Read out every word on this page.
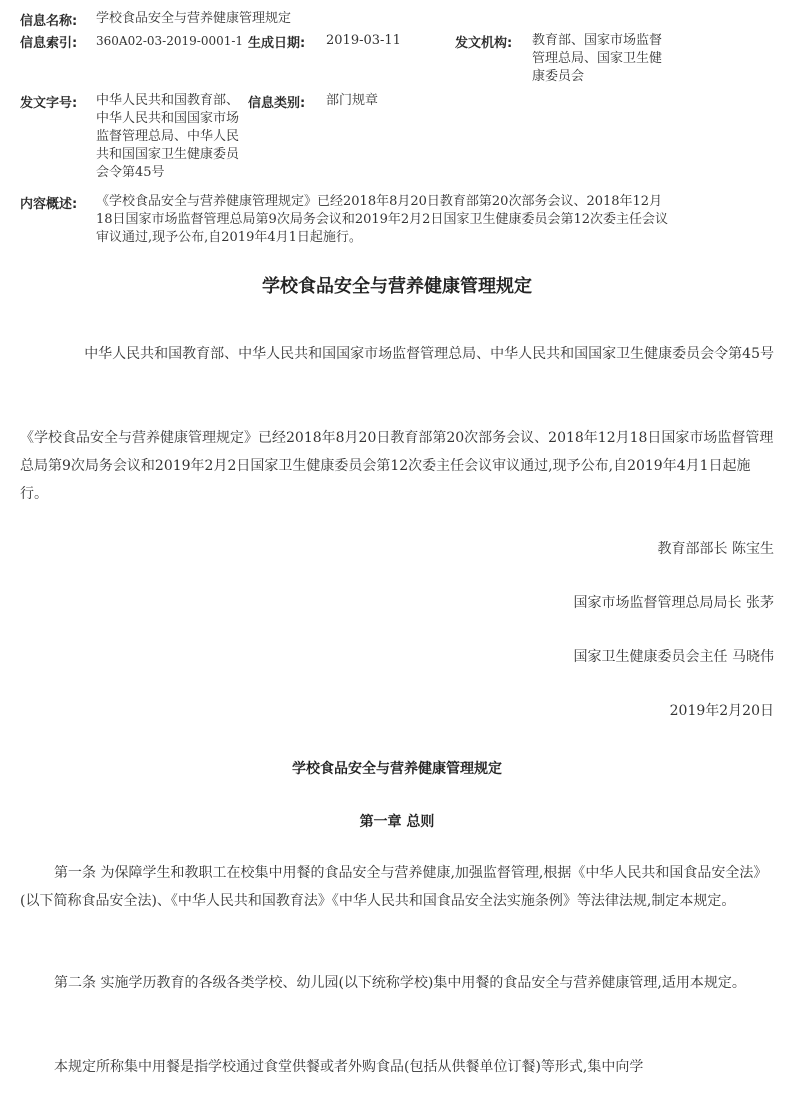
信息名称: 学校食品安全与营养健康管理规定
信息索引: 360A02-03-2019-0001-1 生成日期: 2019-03-11	发文机构: 教育部、国家市场监督管理总局、国家卫生健康委员会
发文字号: 中华人民共和国教育部、中华人民共和国国家市场监督管理总局、中华人民共和国国家卫生健康委员会令第45号
信息类别: 部门规章
内容概述: 《学校食品安全与营养健康管理规定》已经2018年8月20日教育部第20次部务会议、2018年12月18日国家市场监督管理总局第9次局务会议和2019年2月2日国家卫生健康委员会第12次委主任会议审议通过,现予公布,自2019年4月1日起施行。
学校食品安全与营养健康管理规定
中华人民共和国教育部、中华人民共和国国家市场监督管理总局、中华人民共和国国家卫生健康委员会令第45号
《学校食品安全与营养健康管理规定》已经2018年8月20日教育部第20次部务会议、2018年12月18日国家市场监督管理总局第9次局务会议和2019年2月2日国家卫生健康委员会第12次委主任会议审议通过,现予公布,自2019年4月1日起施行。
教育部部长 陈宝生
国家市场监督管理总局局长 张茅
国家卫生健康委员会主任 马晓伟
2019年2月20日
学校食品安全与营养健康管理规定
第一章 总则
第一条 为保障学生和教职工在校集中用餐的食品安全与营养健康,加强监督管理,根据《中华人民共和国食品安全法》(以下简称食品安全法)、《中华人民共和国教育法》《中华人民共和国食品安全法实施条例》等法律法规,制定本规定。
第二条 实施学历教育的各级各类学校、幼儿园(以下统称学校)集中用餐的食品安全与营养健康管理,适用本规定。
本规定所称集中用餐是指学校通过食堂供餐或者外购食品(包括从供餐单位订餐)等形式,集中向学
